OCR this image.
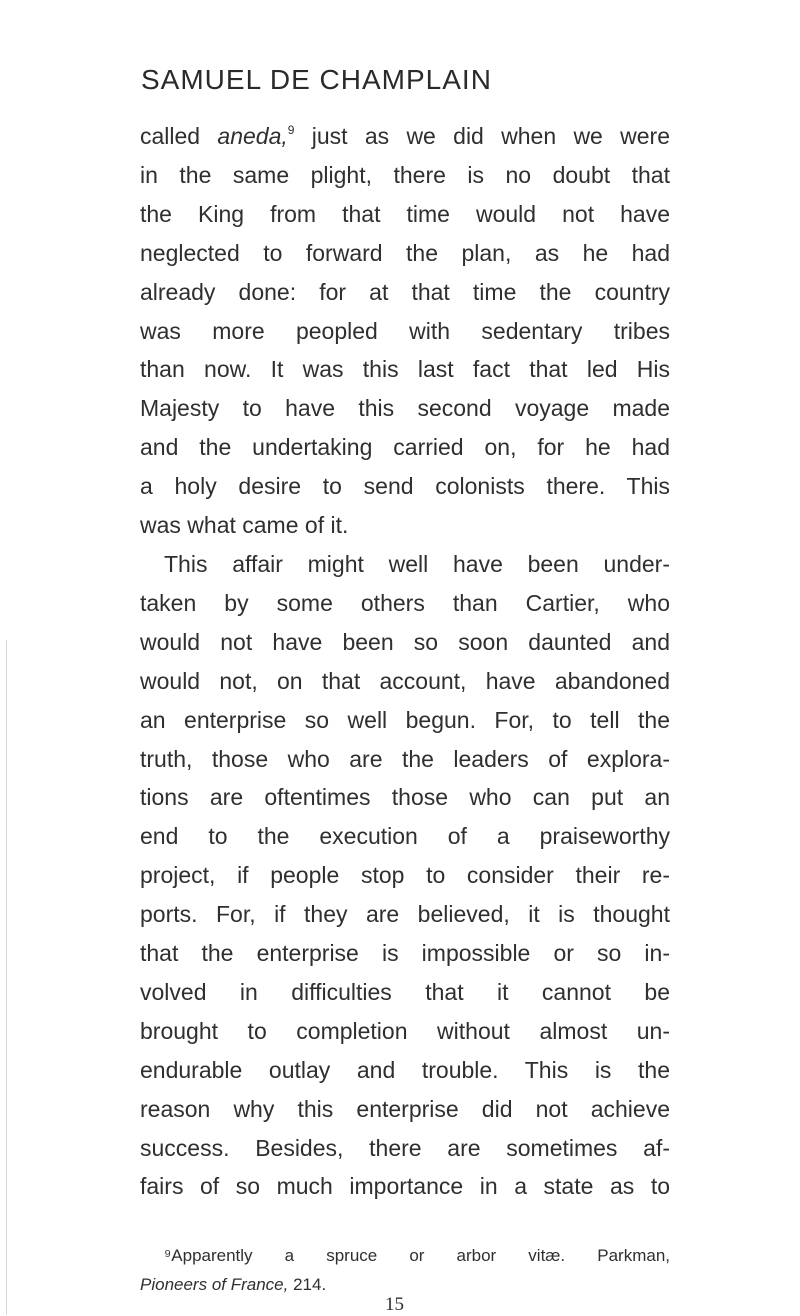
SAMUEL DE CHAMPLAIN
called aneda,$^9$ just as we did when we were
in the same plight, there is no doubt that
the King from that time would not have
neglected to forward the plan, as he had
already done: for at that time the country
was more peopled with sedentary tribes
than now. It was this last fact that led His
Majesty to have this second voyage made
and the undertaking carried on, for he had
a holy desire to send colonists there. This
was what came of it.
This affair might well have been under-
taken by some others than Cartier, who
would not have been so soon daunted and
would not, on that account, have abandoned
an enterprise so well begun. For, to tell the
truth, those who are the leaders of explora-
tions are oftentimes those who can put an
end to the execution of a praiseworthy
project, if people stop to consider their re-
ports. For, if they are believed, it is thought
that the enterprise is impossible or so in-
volved in difficulties that it cannot be
brought to completion without almost un-
endurable outlay and trouble. This is the
reason why this enterprise did not achieve
success. Besides, there are sometimes af-
fairs of so much importance in a state as to
⁹Apparently a spruce or arbor vitæ. Parkman,
Pioneers of France, 214.
15
